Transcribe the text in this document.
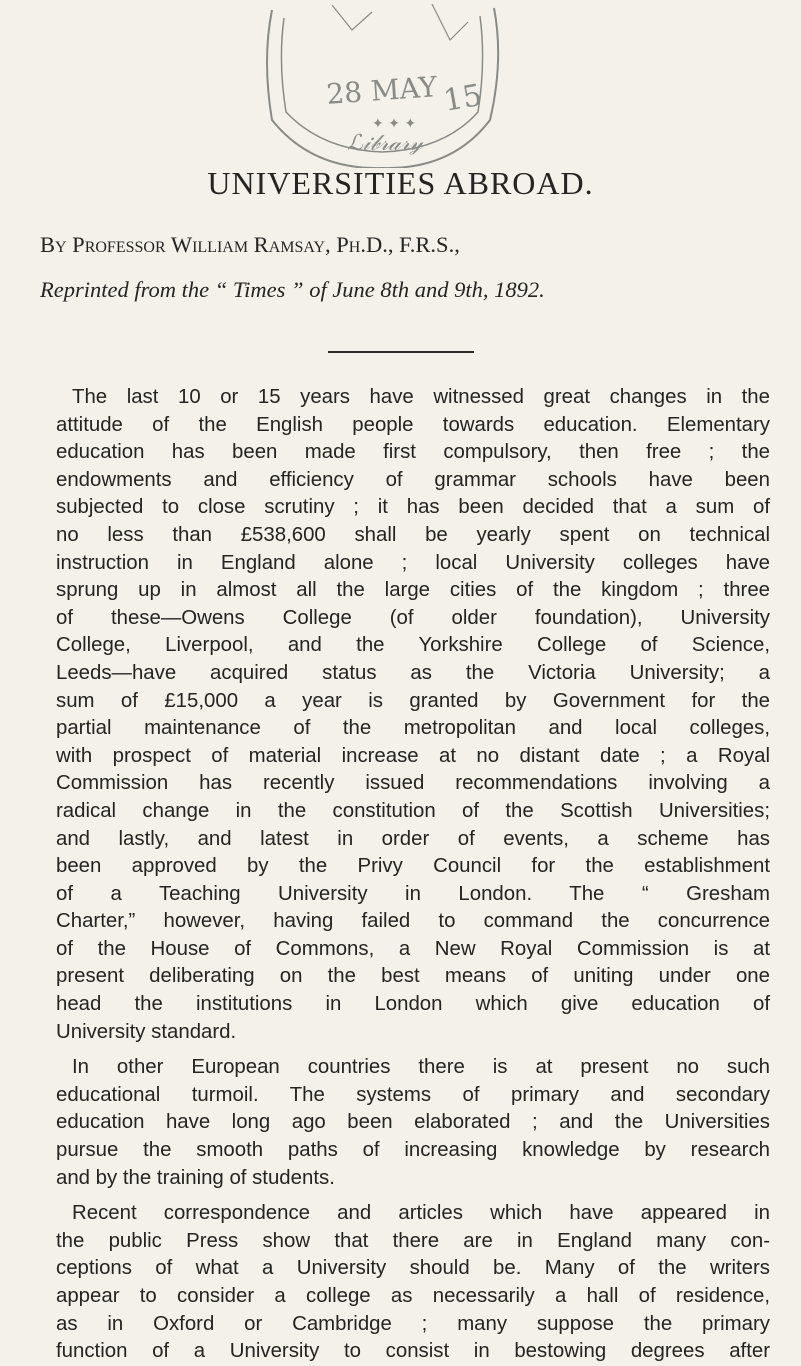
28 MAY 15
ℒ𝒾𝒷𝓇𝒶𝓇𝓎
✦ ✦ ✦
UNIVERSITIES ABROAD.

By Professor William Ramsay, Ph.D., F.R.S.,

Reprinted from the “ Times ” of June 8th and 9th, 1892.

The last 10 or 15 years have witnessed great changes in the
attitude of the English people towards education. Elementary
education has been made first compulsory, then free ; the
endowments and efficiency of grammar schools have been
subjected to close scrutiny ; it has been decided that a sum of
no less than £538,600 shall be yearly spent on technical
instruction in England alone ; local University colleges have
sprung up in almost all the large cities of the kingdom ; three
of these—Owens College (of older foundation), University
College, Liverpool, and the Yorkshire College of Science,
Leeds—have acquired status as the Victoria University; a
sum of £15,000 a year is granted by Government for the
partial maintenance of the metropolitan and local colleges,
with prospect of material increase at no distant date ; a Royal
Commission has recently issued recommendations involving a
radical change in the constitution of the Scottish Universities;
and lastly, and latest in order of events, a scheme has
been approved by the Privy Council for the establishment
of a Teaching University in London. The “ Gresham
Charter,” however, having failed to command the concurrence
of the House of Commons, a New Royal Commission is at
present deliberating on the best means of uniting under one
head the institutions in London which give education of
University standard.

In other European countries there is at present no such
educational turmoil. The systems of primary and secondary
education have long ago been elaborated ; and the Universities
pursue the smooth paths of increasing knowledge by research
and by the training of students.

Recent correspondence and articles which have appeared in
the public Press show that there are in England many con-
ceptions of what a University should be. Many of the writers
appear to consider a college as necessarily a hall of residence,
as in Oxford or Cambridge ; many suppose the primary
function of a University to consist in bestowing degrees after
